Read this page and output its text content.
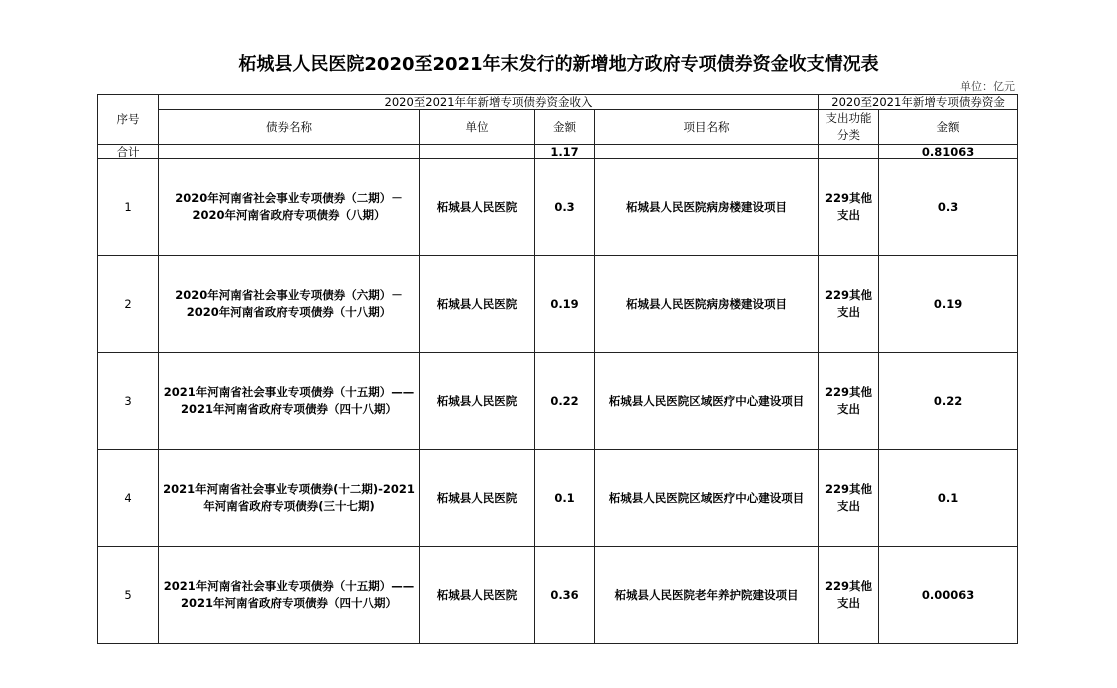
柘城县人民医院2020至2021年末发行的新增地方政府专项债券资金收支情况表
单位：亿元
序号	2020至2021年年新增专项债券资金收入				2020至2021年新增专项债券资金	
	债券名称	单位	金额	项目名称	支出功能分类	金额
合计			1.17			0.81063
1	2020年河南省社会事业专项债券（二期）－2020年河南省政府专项债券（八期）	柘城县人民医院	0.3	柘城县人民医院病房楼建设项目	229其他支出	0.3
2	2020年河南省社会事业专项债券（六期）－2020年河南省政府专项债券（十八期）	柘城县人民医院	0.19	柘城县人民医院病房楼建设项目	229其他支出	0.19
3	2021年河南省社会事业专项债券（十五期）——2021年河南省政府专项债券（四十八期）	柘城县人民医院	0.22	柘城县人民医院区域医疗中心建设项目	229其他支出	0.22
4	2021年河南省社会事业专项债券(十二期)-2021年河南省政府专项债券(三十七期)	柘城县人民医院	0.1	柘城县人民医院区域医疗中心建设项目	229其他支出	0.1
5	2021年河南省社会事业专项债券（十五期）——2021年河南省政府专项债券（四十八期）	柘城县人民医院	0.36	柘城县人民医院老年养护院建设项目	229其他支出	0.00063
